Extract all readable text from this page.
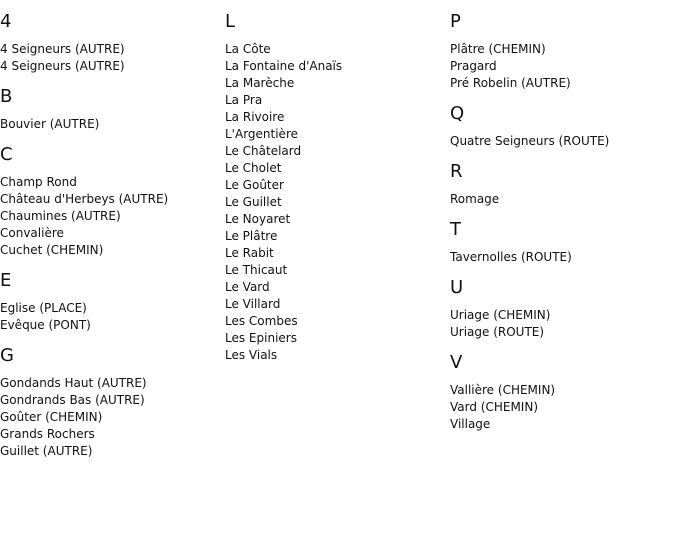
4
4 Seigneurs (AUTRE)
4 Seigneurs (AUTRE)
B
Bouvier (AUTRE)
C
Champ Rond
Château d'Herbeys (AUTRE)
Chaumines (AUTRE)
Convalière
Cuchet (CHEMIN)
E
Eglise (PLACE)
Evêque (PONT)
G
Gondands Haut (AUTRE)
Gondrands Bas (AUTRE)
Goûter (CHEMIN)
Grands Rochers
Guillet (AUTRE)
L
La Côte
La Fontaine d'Anaïs
La Marèche
La Pra
La Rivoire
L'Argentière
Le Châtelard
Le Cholet
Le Goûter
Le Guillet
Le Noyaret
Le Plâtre
Le Rabit
Le Thicaut
Le Vard
Le Villard
Les Combes
Les Epiniers
Les Vials
P
Plâtre (CHEMIN)
Pragard
Pré Robelin (AUTRE)
Q
Quatre Seigneurs (ROUTE)
R
Romage
T
Tavernolles (ROUTE)
U
Uriage (CHEMIN)
Uriage (ROUTE)
V
Vallière (CHEMIN)
Vard (CHEMIN)
Village
